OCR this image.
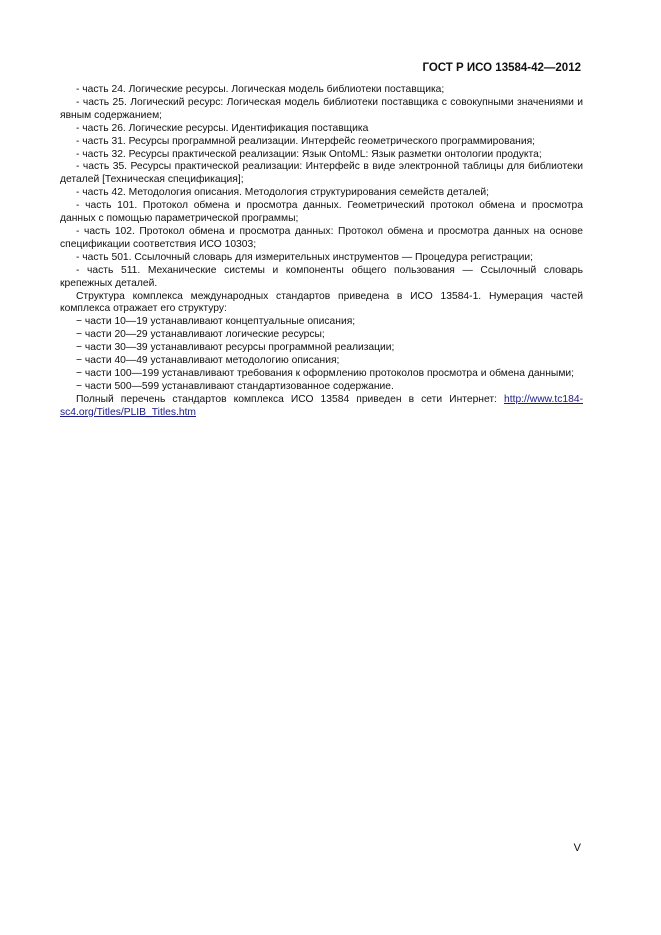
ГОСТ Р ИСО 13584-42—2012

- часть 24. Логические ресурсы. Логическая модель библиотеки поставщика;

- часть 25. Логический ресурс: Логическая модель библиотеки поставщика с совокупными значениями и явным содержанием;

- часть 26. Логические ресурсы. Идентификация поставщика

- часть 31. Ресурсы программной реализации. Интерфейс геометрического программирования;

- часть 32. Ресурсы практической реализации: Язык OntoML: Язык разметки онтологии продукта;

- часть 35. Ресурсы практической реализации: Интерфейс в виде электронной таблицы для библиотеки деталей [Техническая спецификация];

- часть 42. Методология описания. Методология структурирования семейств деталей;

- часть 101. Протокол обмена и просмотра данных. Геометрический протокол обмена и просмотра данных с помощью параметрической программы;

- часть 102. Протокол обмена и просмотра данных: Протокол обмена и просмотра данных на основе спецификации соответствия ИСО 10303;

- часть 501. Ссылочный словарь для измерительных инструментов — Процедура регистрации;

- часть 511. Механические системы и компоненты общего пользования — Ссылочный словарь крепежных деталей.

Структура комплекса международных стандартов приведена в ИСО 13584-1. Нумерация частей комплекса отражает его структуру:

− части 10—19 устанавливают концептуальные описания;

− части 20—29 устанавливают логические ресурсы;

− части 30—39 устанавливают ресурсы программной реализации;

− части 40—49 устанавливают методологию описания;

− части 100—199 устанавливают требования к оформлению протоколов просмотра и обмена данными;

− части 500—599 устанавливают стандартизованное содержание.

Полный перечень стандартов комплекса ИСО 13584 приведен в сети Интернет: http://www.tc184-sc4.org/Titles/PLIB_Titles.htm

V
